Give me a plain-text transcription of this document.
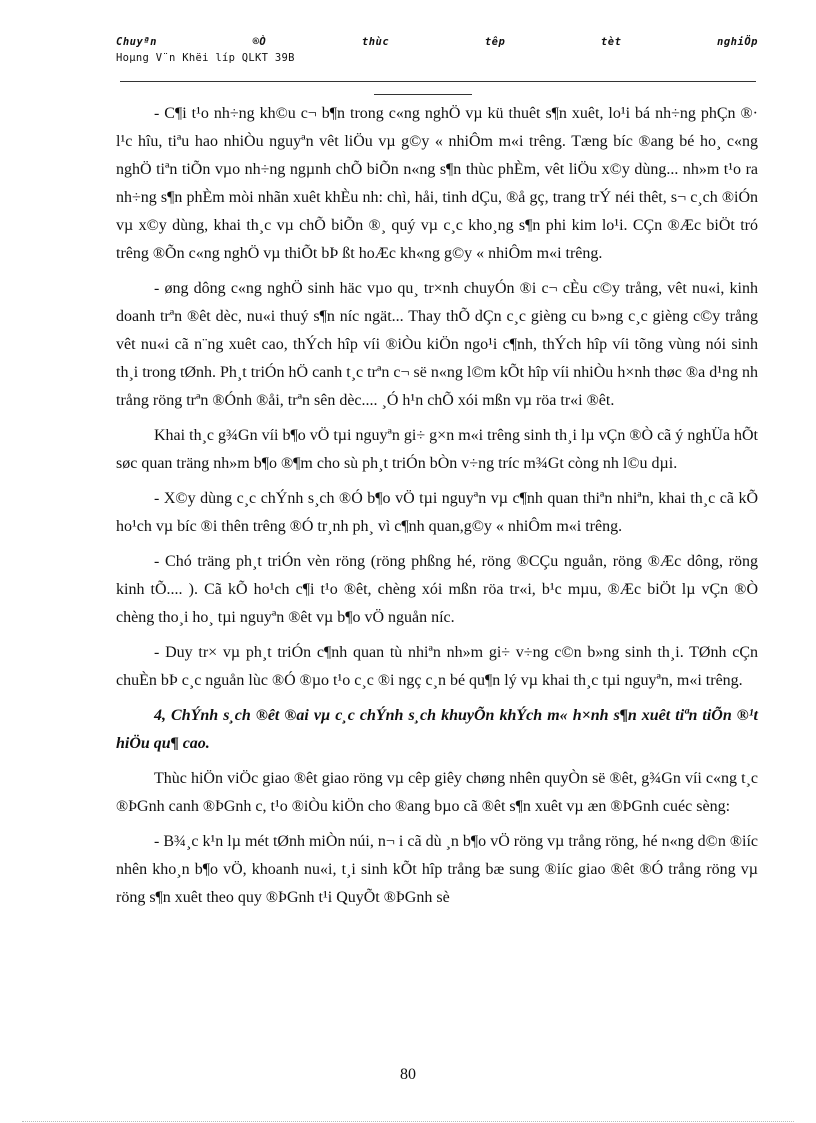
Chuyªn	®Ò	thùc	têp	tèt	nghiÖp
Hoµng V¨n Khëi líp QLKT 39B

- C¶i t¹o nh÷ng kh©u c¬ b¶n trong c«ng nghÖ vµ kü thuêt s¶n xuêt, lo¹i bá nh÷ng phÇn ®· l¹c hîu, tiªu hao nhiÒu nguyªn vêt liÖu vµ g©y « nhiÔm m«i trêng. Tæng bíc ®ang bé ho¸ c«ng nghÖ tiªn tiÕn vµo nh÷ng ngµnh chÕ biÕn n«ng s¶n thùc phÈm, vêt liÖu x©y dùng... nh»m t¹o ra nh÷ng s¶n phÈm mòi nhãn xuêt khÈu nh: chì, håi, tinh dÇu, ®å gç, trang trÝ néi thêt, s¬ c¸ch ®iÓn vµ x©y dùng, khai th¸c vµ chÕ biÕn ®¸ quý vµ c¸c kho¸ng s¶n phi kim lo¹i. CÇn ®Æc biÖt tró trêng ®Õn c«ng nghÖ vµ thiÕt bÞ ßt hoÆc kh«ng g©y « nhiÔm m«i trêng.

- øng dông c«ng nghÖ sinh häc vµo qu¸ tr×nh chuyÓn ®i c¬ cÈu c©y trång, vêt nu«i, kinh doanh trªn ®êt dèc, nu«i thuý s¶n níc ngät... Thay thÕ dÇn c¸c gièng cu b»ng c¸c gièng c©y trång vêt nu«i cã n¨ng xuêt cao, thÝch hîp víi ®iÒu kiÖn ngo¹i c¶nh, thÝch hîp víi tõng vùng nói sinh th¸i trong tØnh. Ph¸t triÓn hÖ canh t¸c trªn c¬ së n«ng l©m kÕt hîp víi nhiÒu h×nh thøc ®a d¹ng nh trång röng trªn ®Ónh ®åi, trªn sên dèc.... ¸Ó h¹n chÕ xói mßn vµ röa tr«i ®êt.

Khai th¸c g¾Gn víi b¶o vÖ tµi nguyªn gi÷ g×n m«i trêng sinh th¸i lµ vÇn ®Ò cã ý nghÜa hÕt søc quan träng nh»m b¶o ®¶m cho sù ph¸t triÓn bÒn v÷ng tríc m¾Gt còng nh l©u dµi.

- X©y dùng c¸c chÝnh s¸ch ®Ó b¶o vÖ tµi nguyªn vµ c¶nh quan thiªn nhiªn, khai th¸c cã kÕ ho¹ch vµ bíc ®i thên trêng ®Ó tr¸nh ph¸ vì c¶nh quan,g©y « nhiÔm m«i trêng.

- Chó träng ph¸t triÓn vèn röng (röng phßng hé, röng ®CÇu nguån, röng ®Æc dông, röng kinh tÕ.... ). Cã kÕ ho¹ch c¶i t¹o ®êt, chèng xói mßn röa tr«i, b¹c mµu, ®Æc biÖt lµ vÇn ®Ò chèng tho¸i ho¸ tµi nguyªn ®êt vµ b¶o vÖ nguån níc.

- Duy tr× vµ ph¸t triÓn c¶nh quan tù nhiªn nh»m gi÷ v÷ng c©n b»ng sinh th¸i. TØnh cÇn chuÈn bÞ c¸c nguån lùc ®Ó ®µo t¹o c¸c ®i ngç c¸n bé qu¶n lý vµ khai th¸c tµi nguyªn, m«i trêng.

4, ChÝnh s¸ch ®êt ®ai vµ c¸c chÝnh s¸ch khuyÕn khÝch m« h×nh s¶n xuêt tiªn tiÕn ®¹t hiÖu qu¶ cao.

Thùc hiÖn viÖc giao ®êt giao röng vµ cêp giêy chøng nhên quyÒn së ®êt, g¾Gn víi c«ng t¸c ®ÞGnh canh ®ÞGnh c, t¹o ®iÒu kiÖn cho ®ang bµo cã ®êt s¶n xuêt vµ æn ®ÞGnh cuéc sèng:

- B¾¸c k¹n lµ mét tØnh miÒn núi, n¬ i cã dù ¸n b¶o vÖ röng vµ trång röng, hé n«ng d©n ®iíc nhên kho¸n b¶o vÖ, khoanh nu«i, t¸i sinh kÕt hîp trång bæ sung ®iíc giao ®êt ®Ó trång röng vµ röng s¶n xuêt theo quy ®ÞGnh t¹i QuyÕt ®ÞGnh sè

80
